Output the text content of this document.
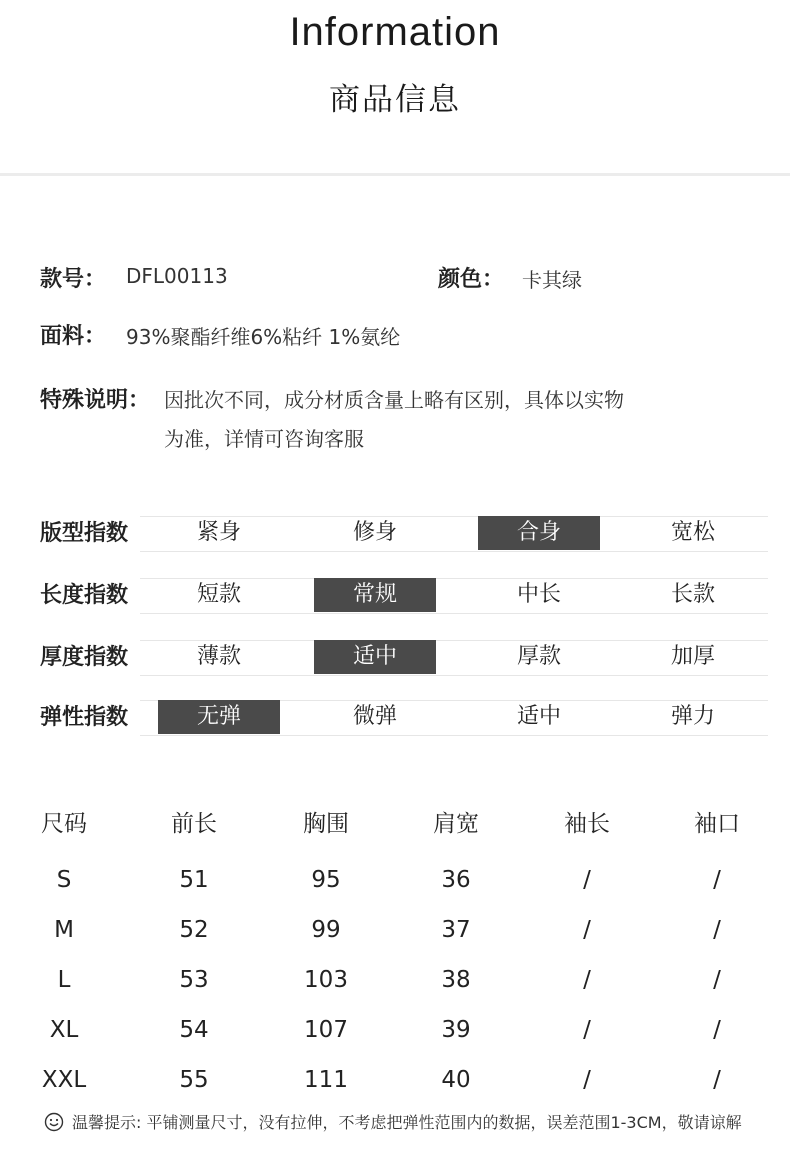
Information
商品信息
款号： DFL00113	颜色： 卡其绿
面料： 93%聚酯纤维6%粘纤 1%氨纶
特殊说明： 因批次不同，成分材质含量上略有区别，具体以实物
为准，详情可咨询客服
版型指数	紧身	修身	合身	宽松
长度指数	短款	常规	中长	长款
厚度指数	薄款	适中	厚款	加厚
弹性指数	无弹	微弹	适中	弹力
尺码	前长	胸围	肩宽	袖长	袖口
S	51	95	36	/	/
M	52	99	37	/	/
L	53	103	38	/	/
XL	54	107	39	/	/
XXL	55	111	40	/	/
温馨提示: 平铺测量尺寸，没有拉伸，不考虑把弹性范围内的数据，误差范围1-3CM，敬请谅解
